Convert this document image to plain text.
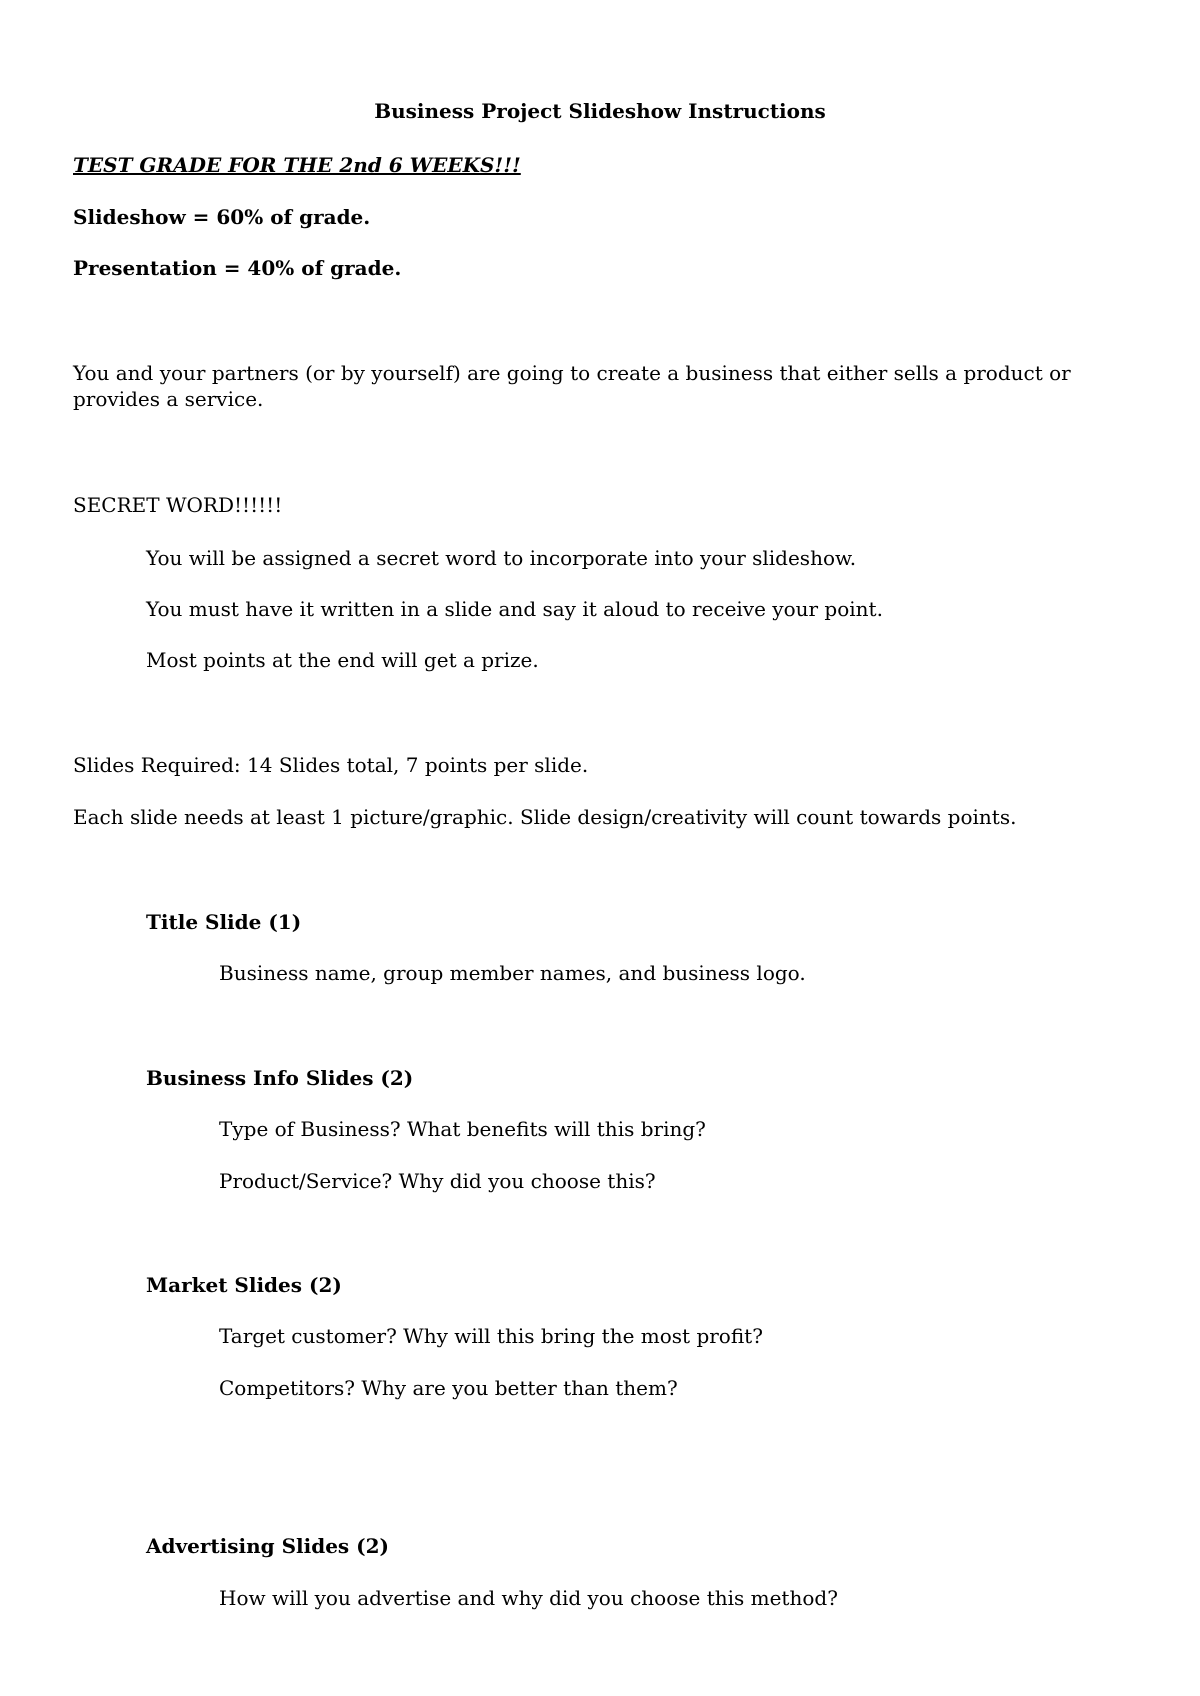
Business Project Slideshow Instructions
TEST GRADE FOR THE 2nd 6 WEEKS!!!
Slideshow = 60% of grade.
Presentation = 40% of grade.
You and your partners (or by yourself) are going to create a business that either sells a product or provides a service.
SECRET WORD!!!!!!
You will be assigned a secret word to incorporate into your slideshow.
You must have it written in a slide and say it aloud to receive your point.
Most points at the end will get a prize.
Slides Required: 14 Slides total, 7 points per slide.
Each slide needs at least 1 picture/graphic. Slide design/creativity will count towards points.
Title Slide (1)
Business name, group member names, and business logo.
Business Info Slides (2)
Type of Business? What benefits will this bring?
Product/Service? Why did you choose this?
Market Slides (2)
Target customer? Why will this bring the most profit?
Competitors? Why are you better than them?
Advertising Slides (2)
How will you advertise and why did you choose this method?
